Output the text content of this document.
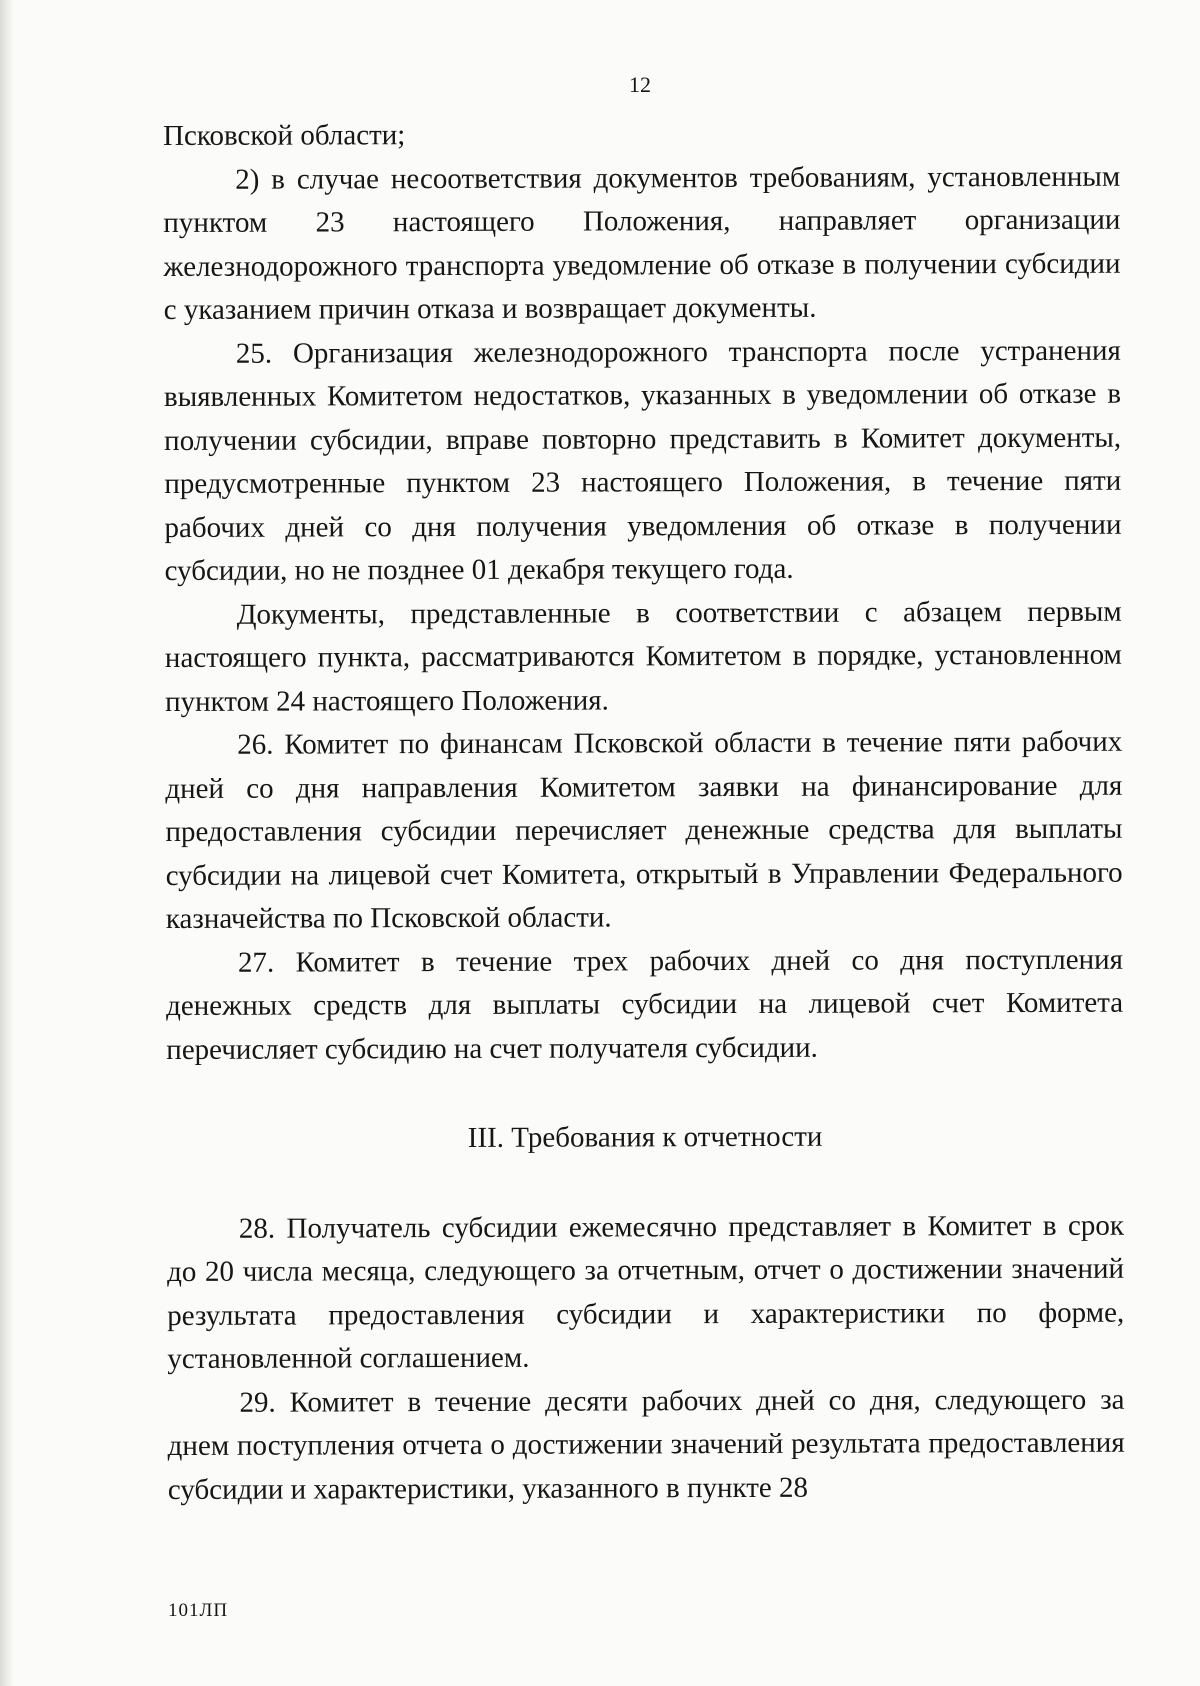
12

Псковской области;

2) в случае несоответствия документов требованиям, установленным пунктом 23 настоящего Положения, направляет организации железнодорожного транспорта уведомление об отказе в получении субсидии с указанием причин отказа и возвращает документы.

25. Организация железнодорожного транспорта после устранения выявленных Комитетом недостатков, указанных в уведомлении об отказе в получении субсидии, вправе повторно представить в Комитет документы, предусмотренные пунктом 23 настоящего Положения, в течение пяти рабочих дней со дня получения уведомления об отказе в получении субсидии, но не позднее 01 декабря текущего года.

Документы, представленные в соответствии с абзацем первым настоящего пункта, рассматриваются Комитетом в порядке, установленном пунктом 24 настоящего Положения.

26. Комитет по финансам Псковской области в течение пяти рабочих дней со дня направления Комитетом заявки на финансирование для предоставления субсидии перечисляет денежные средства для выплаты субсидии на лицевой счет Комитета, открытый в Управлении Федерального казначейства по Псковской области.

27. Комитет в течение трех рабочих дней со дня поступления денежных средств для выплаты субсидии на лицевой счет Комитета перечисляет субсидию на счет получателя субсидии.

III. Требования к отчетности

28. Получатель субсидии ежемесячно представляет в Комитет в срок до 20 числа месяца, следующего за отчетным, отчет о достижении значений результата предоставления субсидии и характеристики по форме, установленной соглашением.

29. Комитет в течение десяти рабочих дней со дня, следующего за днем поступления отчета о достижении значений результата предоставления субсидии и характеристики, указанного в пункте 28

101ЛП
